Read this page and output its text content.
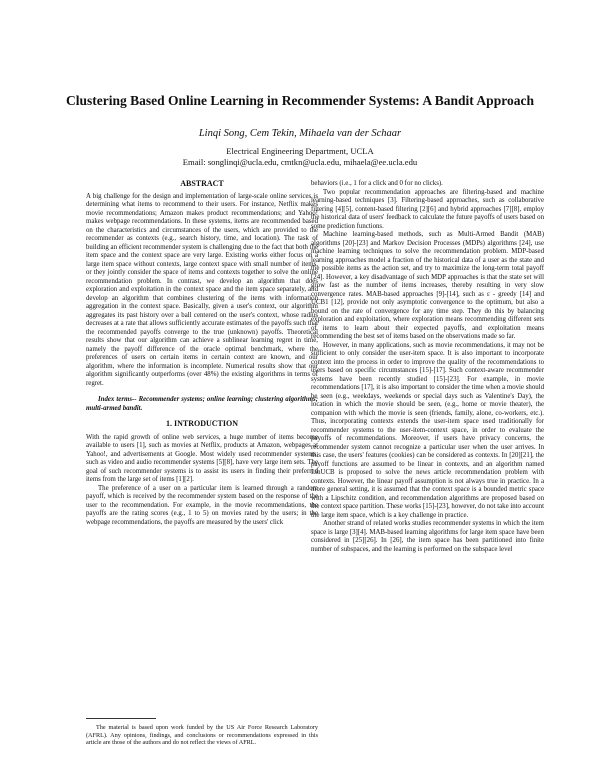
Clustering Based Online Learning in Recommender Systems: A Bandit Approach
Linqi Song, Cem Tekin, Mihaela van der Schaar
Electrical Engineering Department, UCLA
Email: songlinqi@ucla.edu, cmtkn@ucla.edu, mihaela@ee.ucla.edu
ABSTRACT

A big challenge for the design and implementation of large-scale online services is determining what items to recommend to their users. For instance, Netflix makes movie recommendations; Amazon makes product recommendations; and Yahoo! makes webpage recommendations. In these systems, items are recommended based on the characteristics and circumstances of the users, which are provided to the recommender as contexts (e.g., search history, time, and location). The task of building an efficient recommender system is challenging due to the fact that both the item space and the context space are very large. Existing works either focus on a large item space without contexts, large context space with small number of items, or they jointly consider the space of items and contexts together to solve the online recommendation problem. In contrast, we develop an algorithm that does exploration and exploitation in the context space and the item space separately, and develop an algorithm that combines clustering of the items with information aggregation in the context space. Basically, given a user's context, our algorithm aggregates its past history over a ball centered on the user's context, whose radius decreases at a rate that allows sufficiently accurate estimates of the payoffs such that the recommended payoffs converge to the true (unknown) payoffs. Theoretical results show that our algorithm can achieve a sublinear learning regret in time, namely the payoff difference of the oracle optimal benchmark, where the preferences of users on certain items in certain context are known, and our algorithm, where the information is incomplete. Numerical results show that our algorithm significantly outperforms (over 48%) the existing algorithms in terms of regret.

Index terms-- Recommender systems; online learning; clustering algorithms; multi-armed bandit.

1. INTRODUCTION

With the rapid growth of online web services, a huge number of items become available to users [1], such as movies at Netflix, products at Amazon, webpages at Yahoo!, and advertisements at Google. Most widely used recommender systems, such as video and audio recommender systems [5][8], have very large item sets. The goal of such recommender systems is to assist its users in finding their preferred items from the large set of items [1][2].

The preference of a user on a particular item is learned through a random payoff, which is received by the recommender system based on the response of the user to the recommendation. For example, in the movie recommendations, the payoffs are the rating scores (e.g., 1 to 5) on movies rated by the users; in the webpage recommendations, the payoffs are measured by the users' click

The material is based upon work funded by the US Air Force Research Laboratory (AFRL). Any opinions, findings, and conclusions or recommendations expressed in this article are those of the authors and do not reflect the views of AFRL.

behaviors (i.e., 1 for a click and 0 for no clicks).

Two popular recommendation approaches are filtering-based and machine learning-based techniques [3]. Filtering-based approaches, such as collaborative filtering [4][5], content-based filtering [2][6] and hybrid approaches [7][8], employ the historical data of users' feedback to calculate the future payoffs of users based on some prediction functions.

Machine learning-based methods, such as Multi-Armed Bandit (MAB) algorithms [20]-[23] and Markov Decision Processes (MDPs) algorithms [24], use machine learning techniques to solve the recommendation problem. MDP-based learning approaches model a fraction of the historical data of a user as the state and the possible items as the action set, and try to maximize the long-term total payoff [24]. However, a key disadvantage of such MDP approaches is that the state set will grow fast as the number of items increases, thereby resulting in very slow convergence rates. MAB-based approaches [9]-[14], such as ε - greedy [14] and UCB1 [12], provide not only asymptotic convergence to the optimum, but also a bound on the rate of convergence for any time step. They do this by balancing exploration and exploitation, where exploration means recommending different sets of items to learn about their expected payoffs, and exploitation means recommending the best set of items based on the observations made so far.

However, in many applications, such as movie recommendations, it may not be sufficient to only consider the user-item space. It is also important to incorporate context into the process in order to improve the quality of the recommendations to users based on specific circumstances [15]-[17]. Such context-aware recommender systems have been recently studied [15]-[23]. For example, in movie recommendations [17], it is also important to consider the time when a movie should be seen (e.g., weekdays, weekends or special days such as Valentine's Day), the location in which the movie should be seen, (e.g., home or movie theater), the companion with which the movie is seen (friends, family, alone, co-workers, etc.). Thus, incorporating contexts extends the user-item space used traditionally for recommender systems to the user-item-context space, in order to evaluate the payoffs of recommendations. Moreover, if users have privacy concerns, the recommender system cannot recognize a particular user when the user arrives. In this case, the users' features (cookies) can be considered as contexts. In [20][21], the payoff functions are assumed to be linear in contexts, and an algorithm named LinUCB is proposed to solve the news article recommendation problem with contexts. However, the linear payoff assumption is not always true in practice. In a more general setting, it is assumed that the context space is a bounded metric space with a Lipschitz condition, and recommendation algorithms are proposed based on the context space partition. These works [15]-[23], however, do not take into account the large item space, which is a key challenge in practice.

Another strand of related works studies recommender systems in which the item space is large [3][4]. MAB-based learning algorithms for large item space have been considered in [25][26]. In [26], the item space has been partitioned into finite number of subspaces, and the learning is performed on the subspace level
